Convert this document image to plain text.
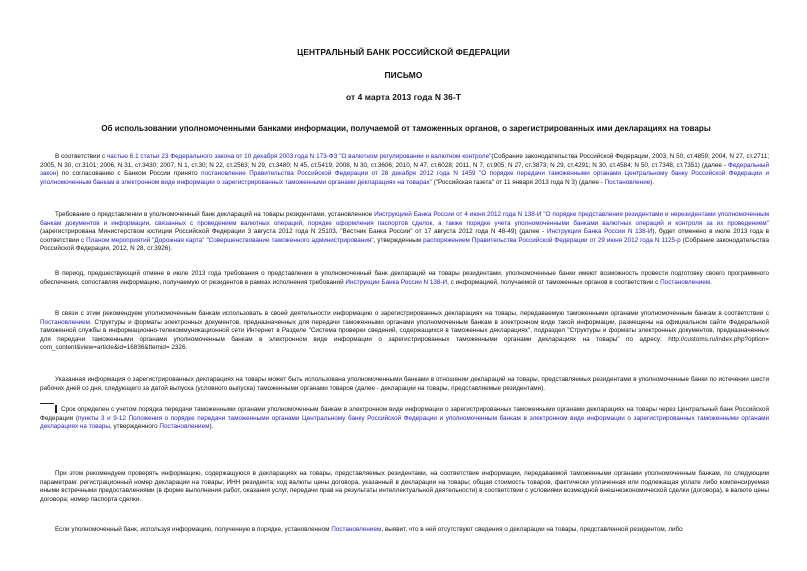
ЦЕНТРАЛЬНЫЙ БАНК РОССИЙСКОЙ ФЕДЕРАЦИИ
ПИСЬМО
от 4 марта 2013 года N 36-Т
Об использовании уполномоченными банками информации, получаемой от таможенных органов, о зарегистрированных ими декларациях на товары
В соответствии с частью 6.1 статьи 23 Федерального закона от 10 декабря 2003 года N 173-ФЗ "О валютном регулировании и валютном контроле"(Собрание законодательства Российской Федерации, 2003, N 50, ст.4859; 2004, N 27, ст.2711; 2005, N 30, ст.3101; 2006, N 31, ст.3430; 2007, N 1, ст.30; N 22, ст.2563; N 29, ст.3480; N 45, ст.5419; 2008, N 30, ст.3606; 2010, N 47, ст.6028; 2011, N 7, ст.905; N 27, ст.3873; N 29, ст.4291; N 30, ст.4584; N 50, ст.7348, ст.7351) (далее - Федеральный закон) по согласованию с Банком России принято постановление Правительства Российской Федерации от 28 декабря 2012 года N 1459 "О порядке передачи таможенными органами Центральному банку Российской Федерации и уполномоченным банкам в электронном виде информации о зарегистрированных таможенными органами декларациях на товарах" ("Российская газета" от 11 января 2013 года N 3) (далее - Постановление).
Требование о представлении в уполномоченный банк деклараций на товары резидентами, установленное Инструкцией Банка России от 4 июня 2012 года N 138-И "О порядке представления резидентами и нерезидентами уполномоченным банкам документов и информации, связанных с проведением валютных операций, порядке оформления паспортов сделок, а также порядке учета уполномоченными банками валютных операций и контроля за их проведением" (зарегистрирована Министерством юстиции Российской Федерации 3 августа 2012 года N 25103, "Вестник Банка России" от 17 августа 2012 года N 48-49) (далее - Инструкция Банка России N 138-И), будет отменено в июле 2013 года в соответствии с Планом мероприятий "Дорожная карта" "Совершенствование таможенного администрирования", утвержденным распоряжением Правительства Российской Федерации от 29 июня 2012 года N 1125-р (Собрание законодательства Российской Федерации, 2012, N 28, ст.3926).
В период, предшествующий отмене в июле 2013 года требования о представлении в уполномоченный банк деклараций на товары резидентами, уполномоченные банки имеют возможность провести подготовку своего программного обеспечения, сопоставляя информацию, получаемую от резидентов в рамках исполнения требований Инструкции Банка России N 138-И, с информацией, получаемой от таможенных органов в соответствии с Постановлением.
В связи с этим рекомендуем уполномоченным банкам использовать в своей деятельности информацию о зарегистрированных декларациях на товары, передаваемую таможенными органами уполномоченным банкам в соответствии с Постановлением. Структуры и форматы электронных документов, предназначенных для передачи таможенными органами уполномоченным банкам в электронном виде такой информации, размещены на официальном сайте Федеральной таможенной службы в информационно-телекоммуникационной сети Интернет в Разделе "Система проверки сведений, содержащихся в таможенных декларациях", подраздел "Структуры и форматы электронных документов, предназначенных для передачи таможенными органами уполномоченным банкам в электронном виде информации о зарегистрированных таможенными органами декларациях на товары" по адресу: http://customs.ru/index.php?option= com_content&view=article&id=16836&Itemid= 2326.
Указанная информация о зарегистрированных декларациях на товары может быть использована уполномоченными банками в отношении деклараций на товары, представляемых резидентами в уполномоченные банки по истечении шести рабочих дней со дня, следующего за датой выпуска (условного выпуска) таможенными органами товаров (далее - декларации на товары, представляемые резидентами).
Срок определен с учетом порядка передачи таможенными органами уполномоченным банкам в электронном виде информации о зарегистрированных таможенными органами декларациях на товары через Центральный банк Российской Федерации (пункты 3 и 9-12 Положения о порядке передачи таможенными органами Центральному банку Российской Федерации и уполномоченным банкам в электронном виде информации о зарегистрированных таможенными органами декларациях на товары, утвержденного Постановлением).
При этом рекомендуем проверять информацию, содержащуюся в декларациях на товары, представляемых резидентами, на соответствие информации, передаваемой таможенными органами уполномоченным банкам, по следующим параметрам: регистрационный номер декларации на товары; ИНН резидента; код валюты цены договора, указанный в декларации на товары; общая стоимость товаров, фактически уплаченная или подлежащая уплате либо компенсируемая иными встречными предоставлениями (в форме выполнения работ, оказания услуг, передачи прав на результаты интеллектуальной деятельности) в соответствии с условиями возмездной внешнеэкономической сделки (договора), в валюте цены договора; номер паспорта сделки.
Если уполномоченный банк, используя информацию, полученную в порядке, установленном Постановлением, выявит, что в ней отсутствуют сведения о декларации на товары, представленной резидентом, либо
